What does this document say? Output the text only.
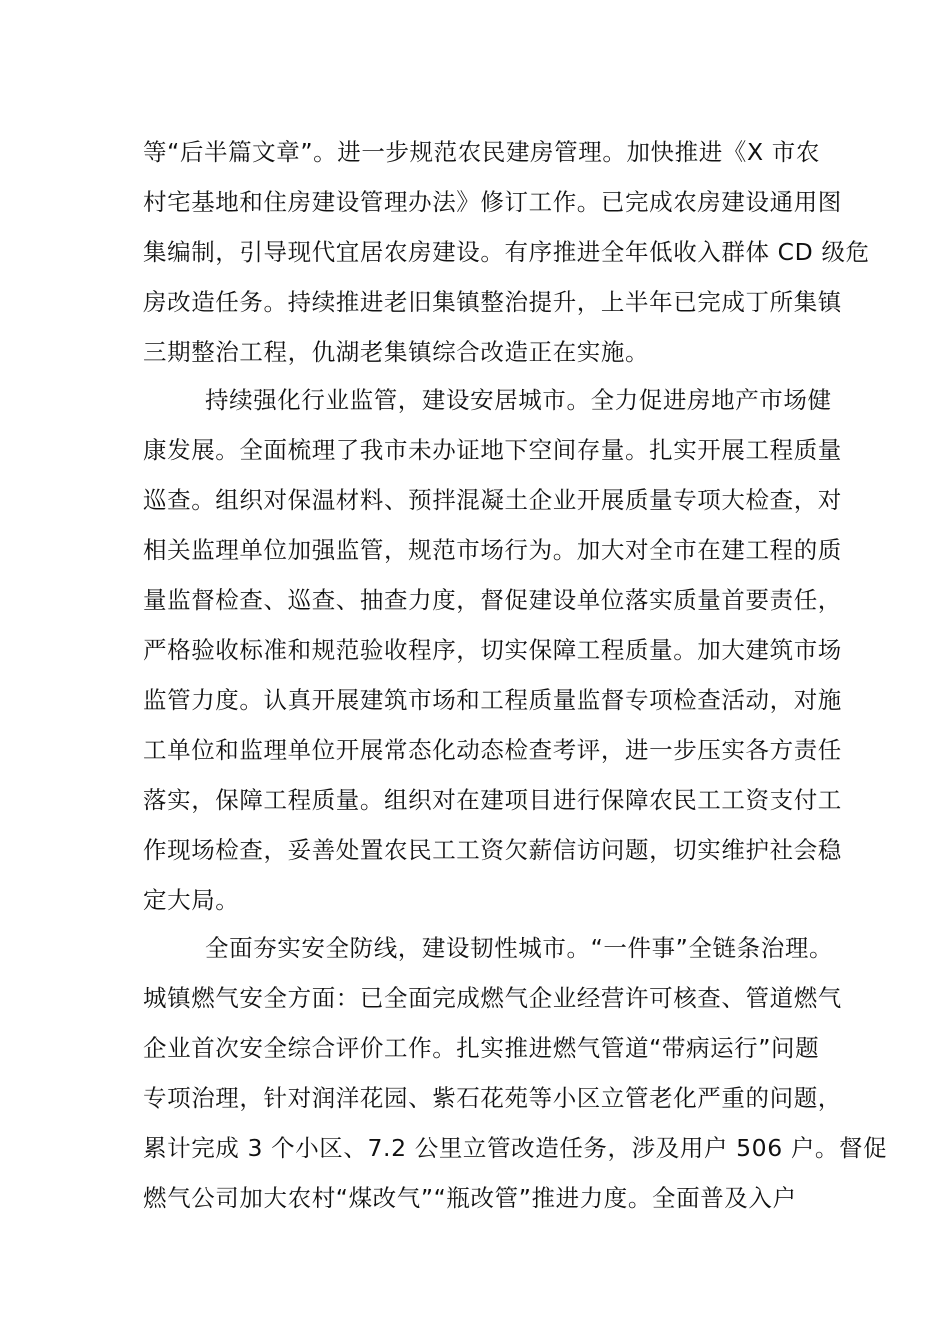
等“后半篇文章”。进一步规范农民建房管理。加快推进《X 市农
村宅基地和住房建设管理办法》修订工作。已完成农房建设通用图
集编制，引导现代宜居农房建设。有序推进全年低收入群体 CD 级危
房改造任务。持续推进老旧集镇整治提升，上半年已完成丁所集镇
三期整治工程，仇湖老集镇综合改造正在实施。
持续强化行业监管，建设安居城市。全力促进房地产市场健
康发展。全面梳理了我市未办证地下空间存量。扎实开展工程质量
巡查。组织对保温材料、预拌混凝土企业开展质量专项大检查，对
相关监理单位加强监管，规范市场行为。加大对全市在建工程的质
量监督检查、巡查、抽查力度，督促建设单位落实质量首要责任，
严格验收标准和规范验收程序，切实保障工程质量。加大建筑市场
监管力度。认真开展建筑市场和工程质量监督专项检查活动，对施
工单位和监理单位开展常态化动态检查考评，进一步压实各方责任
落实，保障工程质量。组织对在建项目进行保障农民工工资支付工
作现场检查，妥善处置农民工工资欠薪信访问题，切实维护社会稳
定大局。
全面夯实安全防线，建设韧性城市。“一件事”全链条治理。
城镇燃气安全方面：已全面完成燃气企业经营许可核查、管道燃气
企业首次安全综合评价工作。扎实推进燃气管道“带病运行”问题
专项治理，针对润洋花园、紫石花苑等小区立管老化严重的问题，
累计完成 3 个小区、7.2 公里立管改造任务，涉及用户 506 户。督促
燃气公司加大农村“煤改气”“瓶改管”推进力度。全面普及入户
